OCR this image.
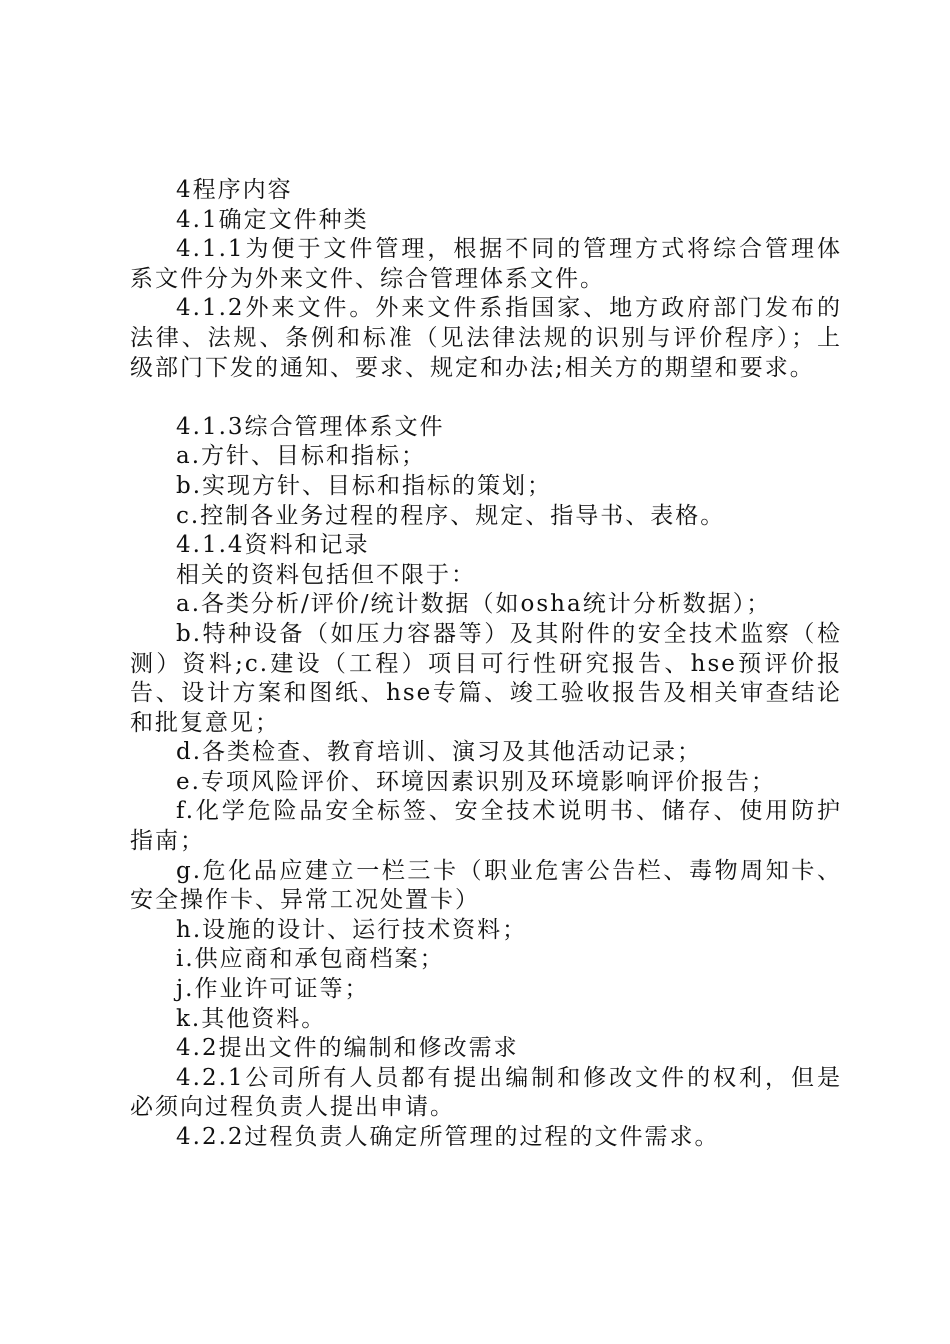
4程序内容

4.1确定文件种类

4.1.1为便于文件管理，根据不同的管理方式将综合管理体系文件分为外来文件、综合管理体系文件。

4.1.2外来文件。外来文件系指国家、地方政府部门发布的法律、法规、条例和标准（见法律法规的识别与评价程序）；上级部门下发的通知、要求、规定和办法;相关方的期望和要求。

4.1.3综合管理体系文件

a.方针、目标和指标；

b.实现方针、目标和指标的策划；

c.控制各业务过程的程序、规定、指导书、表格。

4.1.4资料和记录

相关的资料包括但不限于：

a.各类分析/评价/统计数据（如osha统计分析数据）；

b.特种设备（如压力容器等）及其附件的安全技术监察（检测）资料;c.建设（工程）项目可行性研究报告、hse预评价报告、设计方案和图纸、hse专篇、竣工验收报告及相关审查结论和批复意见；

d.各类检查、教育培训、演习及其他活动记录；

e.专项风险评价、环境因素识别及环境影响评价报告；

f.化学危险品安全标签、安全技术说明书、储存、使用防护指南；

g.危化品应建立一栏三卡（职业危害公告栏、毒物周知卡、安全操作卡、异常工况处置卡）

h.设施的设计、运行技术资料；

i.供应商和承包商档案；

j.作业许可证等；

k.其他资料。

4.2提出文件的编制和修改需求

4.2.1公司所有人员都有提出编制和修改文件的权利，但是必须向过程负责人提出申请。

4.2.2过程负责人确定所管理的过程的文件需求。
